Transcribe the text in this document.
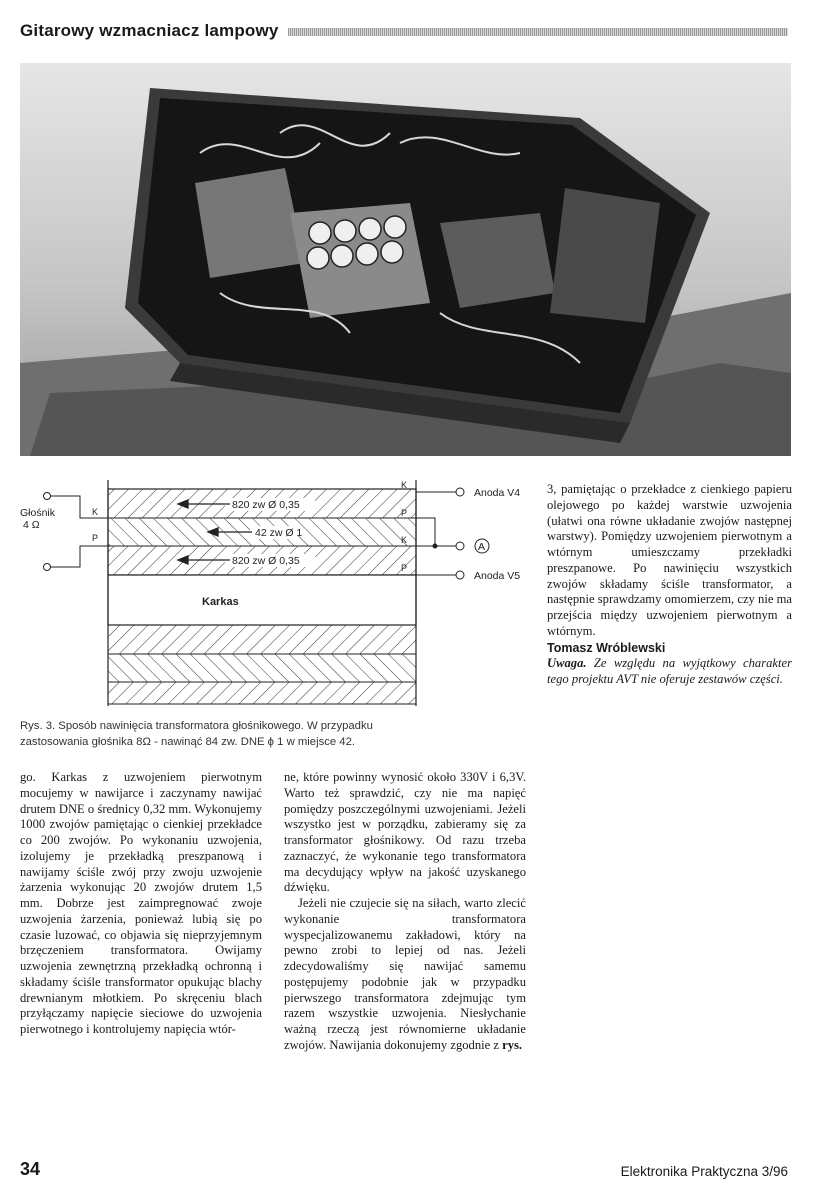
Gitarowy wzmacniacz lampowy
Głośnik
4 Ω
K
P
820 zw Ø 0,35
42 zw Ø 1
820 zw Ø 0,35
K
P
K
P
Anoda V4
A
Anoda V5
Karkas

Rys. 3. Sposób nawinięcia transformatora głośnikowego. W przypadku

zastosowania głośnika 8Ω - nawinąć 84 zw. DNE ϕ 1 w miejsce 42.

3, pamiętając o przekładce z cienkiego papieru olejowego po każdej warstwie uzwojenia (ułatwi ona równe układanie zwojów następnej warstwy). Pomiędzy uzwojeniem pierwotnym a wtórnym umieszczamy przekładki preszpanowe. Po nawinięciu wszystkich zwojów składamy ściśle transformator, a następnie sprawdzamy omomierzem, czy nie ma przejścia między uzwojeniem pierwotnym a wtórnym.

Tomasz Wróblewski

Uwaga. Ze względu na wyjątkowy charakter tego projektu AVT nie oferuje zestawów części.

go. Karkas z uzwojeniem pierwotnym mocujemy w nawijarce i zaczynamy nawijać drutem DNE o średnicy 0,32 mm. Wykonujemy 1000 zwojów pamiętając o cienkiej przekładce co 200 zwojów. Po wykonaniu uzwojenia, izolujemy je przekładką preszpanową i nawijamy ściśle zwój przy zwoju uzwojenie żarzenia wykonując 20 zwojów drutem 1,5 mm. Dobrze jest zaimpregnować zwoje uzwojenia żarzenia, ponieważ lubią się po czasie luzować, co objawia się nieprzyjemnym brzęczeniem transformatora. Owijamy uzwojenia zewnętrzną przekładką ochronną i składamy ściśle transformator opukując blachy drewnianym młotkiem. Po skręceniu blach przyłączamy napięcie sieciowe do uzwojenia pierwotnego i kontrolujemy napięcia wtór-

ne, które powinny wynosić około 330V i 6,3V. Warto też sprawdzić, czy nie ma napięć pomiędzy poszczególnymi uzwojeniami. Jeżeli wszystko jest w porządku, zabieramy się za transformator głośnikowy. Od razu trzeba zaznaczyć, że wykonanie tego transformatora ma decydujący wpływ na jakość uzyskanego dźwięku.

Jeżeli nie czujecie się na siłach, warto zlecić wykonanie transformatora wyspecjalizowanemu zakładowi, który na pewno zrobi to lepiej od nas. Jeżeli zdecydowaliśmy się nawijać samemu postępujemy podobnie jak w przypadku pierwszego transformatora zdejmując tym razem wszystkie uzwojenia. Niesłychanie ważną rzeczą jest równomierne układanie zwojów. Nawijania dokonujemy zgodnie z rys.

34	Elektronika Praktyczna 3/96
